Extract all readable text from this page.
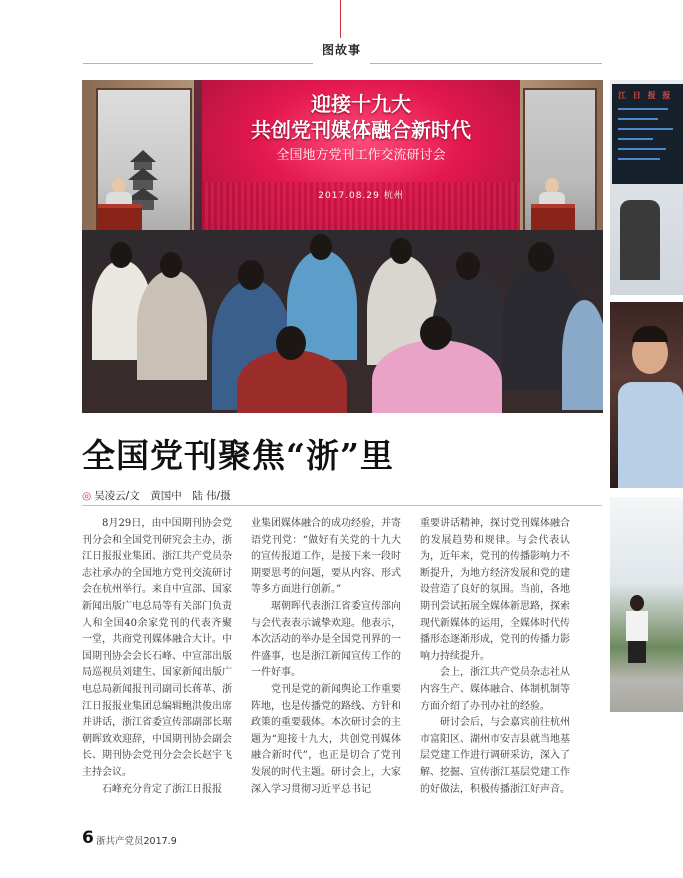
图故事
迎接十九大
共创党刊媒体融合新时代
全国地方党刊工作交流研讨会
2017.08.29 杭州
江 日 报 报
全国党刊聚焦“浙”里
◎ 吴凌云/文　黄国中　陆 伟/摄

8月29日，由中国期刊协会党刊分会和全国党刊研究会主办，浙江日报报业集团、浙江共产党员杂志社承办的全国地方党刊交流研讨会在杭州举行。来自中宣部、国家新闻出版广电总局等有关部门负责人和全国40余家党刊的代表齐聚一堂，共商党刊媒体融合大计。中国期刊协会会长石峰、中宣部出版局巡视员刘建生、国家新闻出版广电总局新闻报刊司副司长蒋革、浙江日报报业集团总编辑鲍洪俊出席并讲话，浙江省委宣传部副部长琚朝晖致欢迎辞，中国期刊协会副会长、期刊协会党刊分会会长赵宇飞主持会议。

石峰充分肯定了浙江日报报

业集团媒体融合的成功经验，并寄语党刊党：“做好有关党的十九大的宣传报道工作，是接下来一段时期要思考的问题，要从内容、形式等多方面进行创新。”

琚朝晖代表浙江省委宣传部向与会代表表示诚挚欢迎。他表示，本次活动的举办是全国党刊界的一件盛事，也是浙江新闻宣传工作的一件好事。

党刊是党的新闻舆论工作重要阵地，也是传播党的路线、方针和政策的重要载体。本次研讨会的主题为“迎接十九大，共创党刊媒体融合新时代”，也正是切合了党刊发展的时代主题。研讨会上，大家深入学习贯彻习近平总书记

重要讲话精神，探讨党刊媒体融合的发展趋势和规律。与会代表认为，近年来，党刊的传播影响力不断提升，为地方经济发展和党的建设营造了良好的氛围。当前，各地期刊尝试拓展全媒体新思路，探索现代新媒体的运用，全媒体时代传播形态逐渐形成，党刊的传播力影响力持续提升。

会上，浙江共产党员杂志社从内容生产、媒体融合、体制机制等方面介绍了办刊办社的经验。

研讨会后，与会嘉宾前往杭州市富阳区、湖州市安吉县就当地基层党建工作进行调研采访，深入了解、挖掘、宣传浙江基层党建工作的好做法，积极传播浙江好声音。

6 浙共产党员2017.9
